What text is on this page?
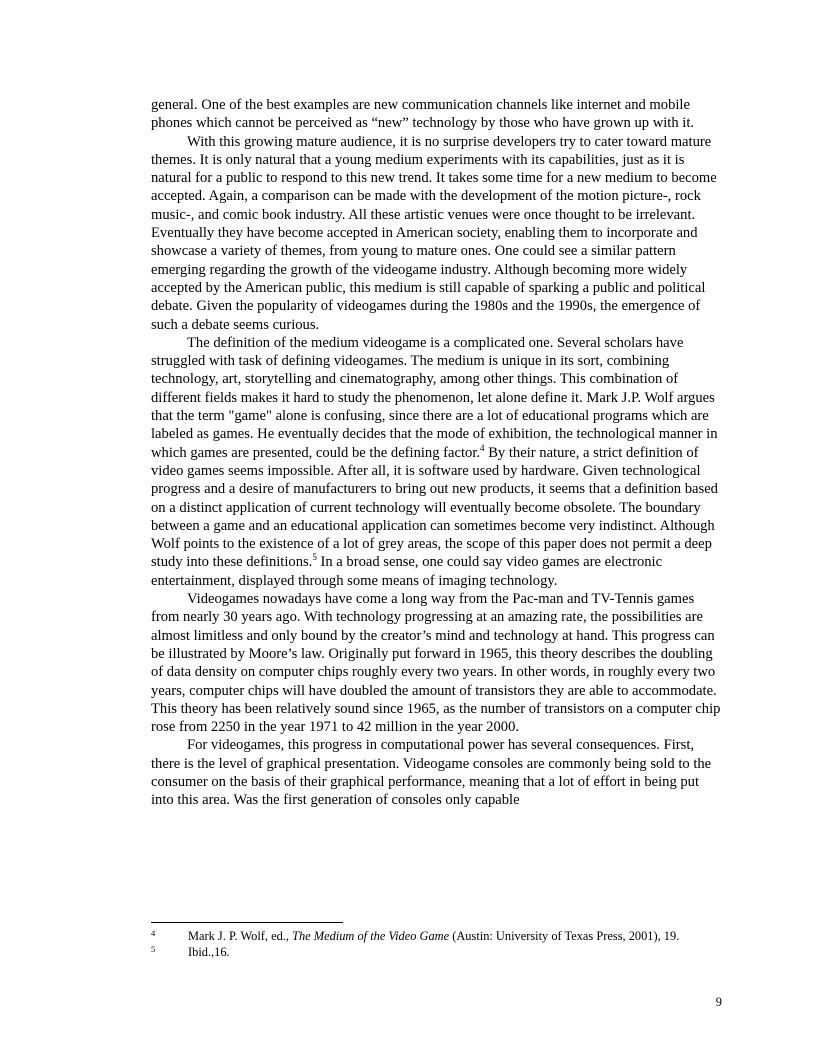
general. One of the best examples are new communication channels like internet and mobile phones which cannot be perceived as “new” technology by those who have grown up with it.

With this growing mature audience, it is no surprise developers try to cater toward mature themes. It is only natural that a young medium experiments with its capabilities, just as it is natural for a public to respond to this new trend. It takes some time for a new medium to become accepted. Again, a comparison can be made with the development of the motion picture-, rock music-, and comic book industry. All these artistic venues were once thought to be irrelevant. Eventually they have become accepted in American society, enabling them to incorporate and showcase a variety of themes, from young to mature ones. One could see a similar pattern emerging regarding the growth of the videogame industry. Although becoming more widely accepted by the American public, this medium is still capable of sparking a public and political debate. Given the popularity of videogames during the 1980s and the 1990s, the emergence of such a debate seems curious.

The definition of the medium videogame is a complicated one. Several scholars have struggled with task of defining videogames. The medium is unique in its sort, combining technology, art, storytelling and cinematography, among other things. This combination of different fields makes it hard to study the phenomenon, let alone define it. Mark J.P. Wolf argues that the term "game" alone is confusing, since there are a lot of educational programs which are labeled as games. He eventually decides that the mode of exhibition, the technological manner in which games are presented, could be the defining factor.$^4$ By their nature, a strict definition of video games seems impossible. After all, it is software used by hardware. Given technological progress and a desire of manufacturers to bring out new products, it seems that a definition based on a distinct application of current technology will eventually become obsolete. The boundary between a game and an educational application can sometimes become very indistinct. Although Wolf points to the existence of a lot of grey areas, the scope of this paper does not permit a deep study into these definitions.$^5$ In a broad sense, one could say video games are electronic entertainment, displayed through some means of imaging technology.

Videogames nowadays have come a long way from the Pac-man and TV-Tennis games from nearly 30 years ago. With technology progressing at an amazing rate, the possibilities are almost limitless and only bound by the creator’s mind and technology at hand. This progress can be illustrated by Moore’s law. Originally put forward in 1965, this theory describes the doubling of data density on computer chips roughly every two years. In other words, in roughly every two years, computer chips will have doubled the amount of transistors they are able to accommodate. This theory has been relatively sound since 1965, as the number of transistors on a computer chip rose from 2250 in the year 1971 to 42 million in the year 2000.

For videogames, this progress in computational power has several consequences. First, there is the level of graphical presentation. Videogame consoles are commonly being sold to the consumer on the basis of their graphical performance, meaning that a lot of effort in being put into this area. Was the first generation of consoles only capable

4	Mark J. P. Wolf, ed., The Medium of the Video Game (Austin: University of Texas Press, 2001), 19.
5	Ibid.,16.
9
